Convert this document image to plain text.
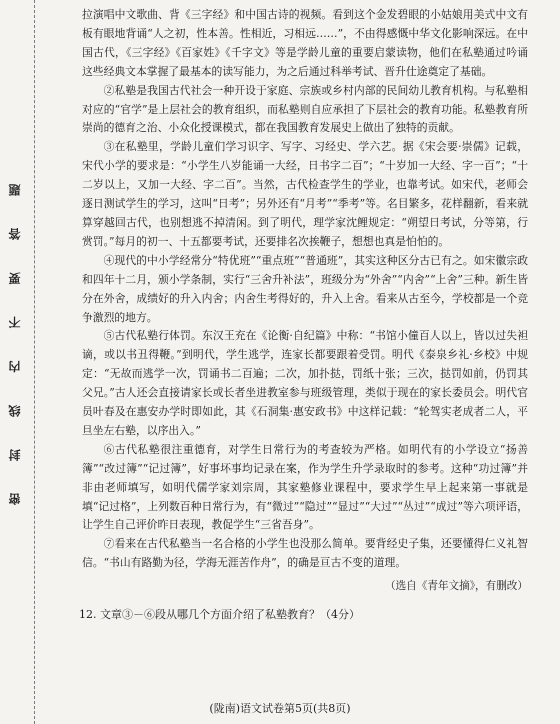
密 封 线 内 不 要 答 题

拉演唱中文歌曲、背《三字经》和中国古诗的视频。看到这个金发碧眼的小姑娘用美式中文有板有眼地背诵“人之初，性本善。性相近，习相远……”，不由得感慨中华文化影响深远。在中国古代，《三字经》《百家姓》《千字文》等是学龄儿童的重要启蒙读物，他们在私塾通过吟诵这些经典文本掌握了最基本的读写能力，为之后通过科举考试、晋升仕途奠定了基础。

②私塾是我国古代社会一种开设于家庭、宗族或乡村内部的民间幼儿教育机构。与私塾相对应的“官学”是上层社会的教育组织，而私塾则自应承担了下层社会的教育功能。私塾教育所崇尚的德育之治、小众化授课模式，都在我国教育发展史上做出了独特的贡献。

③在私塾里，学龄儿童们学习识字、写字、习经史、学六艺。据《宋会要·崇儒》记载，宋代小学的要求是：“小学生八岁能诵一大经，日书字二百”；“十岁加一大经、字一百”；“十二岁以上，又加一大经、字二百”。当然，古代检查学生的学业，也靠考试。如宋代，老师会逐日测试学生的学习，这叫“日考”；另外还有“月考”“季考”等。名目繁多，花样翻新，看来就算穿越回古代，也别想逃不掉清闲。到了明代，理学家沈鲤规定：“朔望日考试，分等第，行赏罚。”每月的初一、十五都要考试，还要排名次挨鞭子，想想也真是怕怕的。

④现代的中小学经常分“特优班”“重点班”“普通班”，其实这种区分古已有之。如宋徽宗政和四年十二月，颁小学条制，实行“三舍升补法”，班级分为“外舍”“内舍”“上舍”三种。新生皆分在外舍，成绩好的升入内舍；内舍生考得好的，升入上舍。看来从古至今，学校都是一个竞争激烈的地方。

⑤古代私塾行体罚。东汉王充在《论衡·自纪篇》中称：“书馆小僮百人以上，皆以过失袒谪，或以书丑得鞭。”到明代，学生逃学，连家长都要跟着受罚。明代《泰泉乡礼·乡校》中规定：“无故而逃学一次，罚诵书二百遍；二次，加扑挞，罚纸十张；三次，挞罚如前，仍罚其父兄。”古人还会直接请家长或长者坐进教室参与班级管理，类似于现在的家长委员会。明代官员叶春及在惠安办学时即如此，其《石洞集·惠安政书》中这样记载：“轮驾实老成者二人，平旦坐左右塾，以序出入。”

⑥古代私塾很注重德育，对学生日常行为的考查较为严格。如明代有的小学设立“扬善簿”“改过簿”“记过簿”，好事坏事均记录在案，作为学生升学录取时的参考。这种“功过簿”并非由老师填写，如明代儒学家刘宗周，其家塾修业课程中，要求学生早上起来第一事就是填“记过格”，上列数百种日常行为，有“微过”“隐过”“显过”“大过”“丛过”“成过”等六项评语，让学生自己评价昨日表现，教促学生“三省吾身”。

⑦看来在古代私塾当一名合格的小学生也没那么简单。要背经史子集，还要懂得仁义礼智信。“书山有路勤为径，学海无涯苦作舟”，的确是亘古不变的道理。

（选自《青年文摘》，有删改）

12. 文章③－⑥段从哪几个方面介绍了私塾教育？（4分）

(陇南)语文试卷第5页(共8页)
